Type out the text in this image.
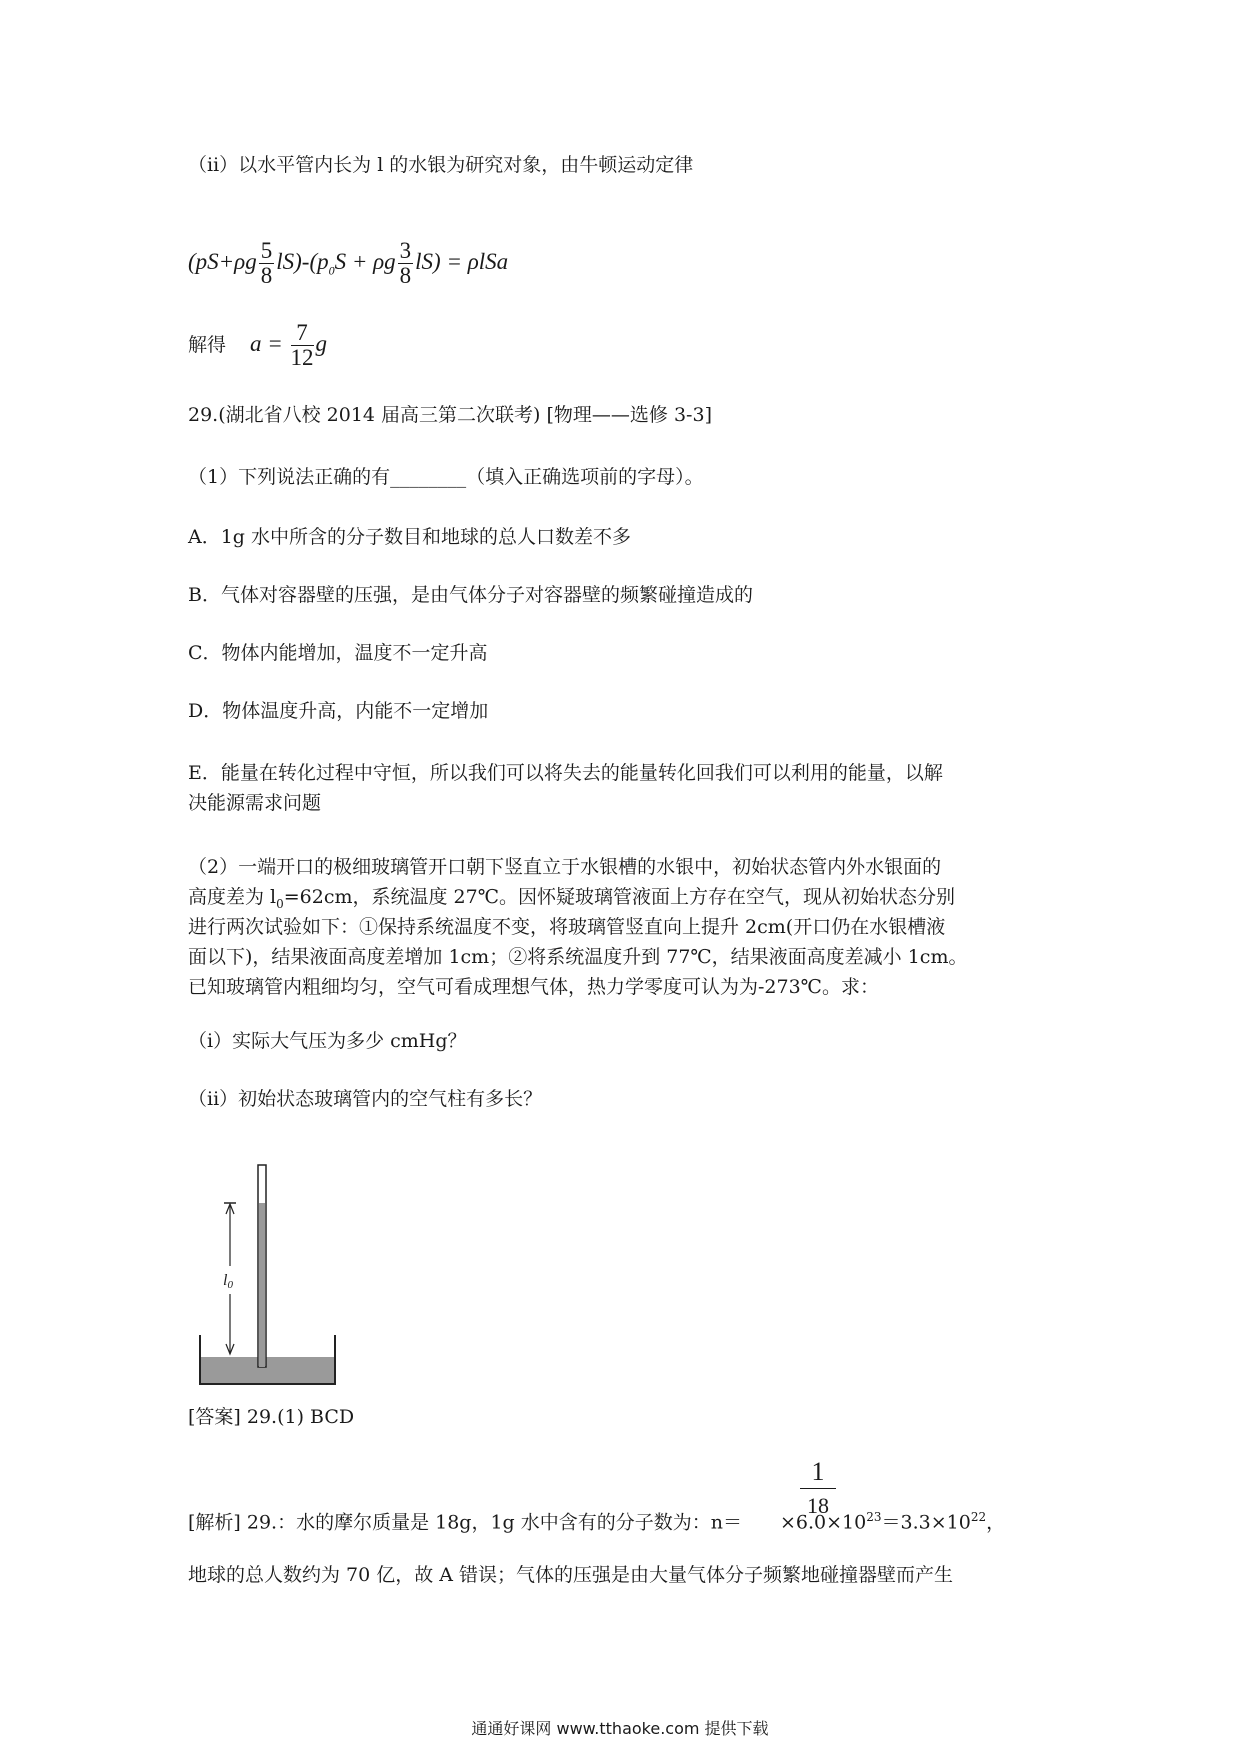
（ⅱ）以水平管内长为 l 的水银为研究对象，由牛顿运动定律
$(pS+\rho g \frac{5}{8} lS)-(p_0S + \rho g \frac{3}{8} lS) = \rho lSa$
解得 $a = \frac{7}{12}$ g
29.(湖北省八校 2014 届高三第二次联考) [物理——选修 3-3]
（1）下列说法正确的有________（填入正确选项前的字母）。
A．1g 水中所含的分子数目和地球的总人口数差不多
B．气体对容器壁的压强，是由气体分子对容器壁的频繁碰撞造成的
C．物体内能增加，温度不一定升高
D．物体温度升高，内能不一定增加
E．能量在转化过程中守恒，所以我们可以将失去的能量转化回我们可以利用的能量，以解
决能源需求问题
（2）一端开口的极细玻璃管开口朝下竖直立于水银槽的水银中，初始状态管内外水银面的
高度差为 $l_0=62cm$，系统温度 27℃。因怀疑玻璃管液面上方存在空气，现从初始状态分别
进行两次试验如下：①保持系统温度不变，将玻璃管竖直向上提升 2cm(开口仍在水银槽液
面以下)，结果液面高度差增加 1cm；②将系统温度升到 77℃，结果液面高度差减小 1cm。
已知玻璃管内粗细均匀，空气可看成理想气体，热力学零度可认为为-273℃。求：
（i）实际大气压为多少 cmHg？
（ii）初始状态玻璃管内的空气柱有多长？
l0
[答案] 29.(1) BCD
[解析] 29.：水的摩尔质量是 18g，1g 水中含有的分子数为：$n= \times 6.0\times 10^{23}=3.3\times 10^{22}$，
1
18
地球的总人数约为 70 亿，故 A 错误；气体的压强是由大量气体分子频繁地碰撞器壁而产生
通通好课网 www.tthaoke.com 提供下载
